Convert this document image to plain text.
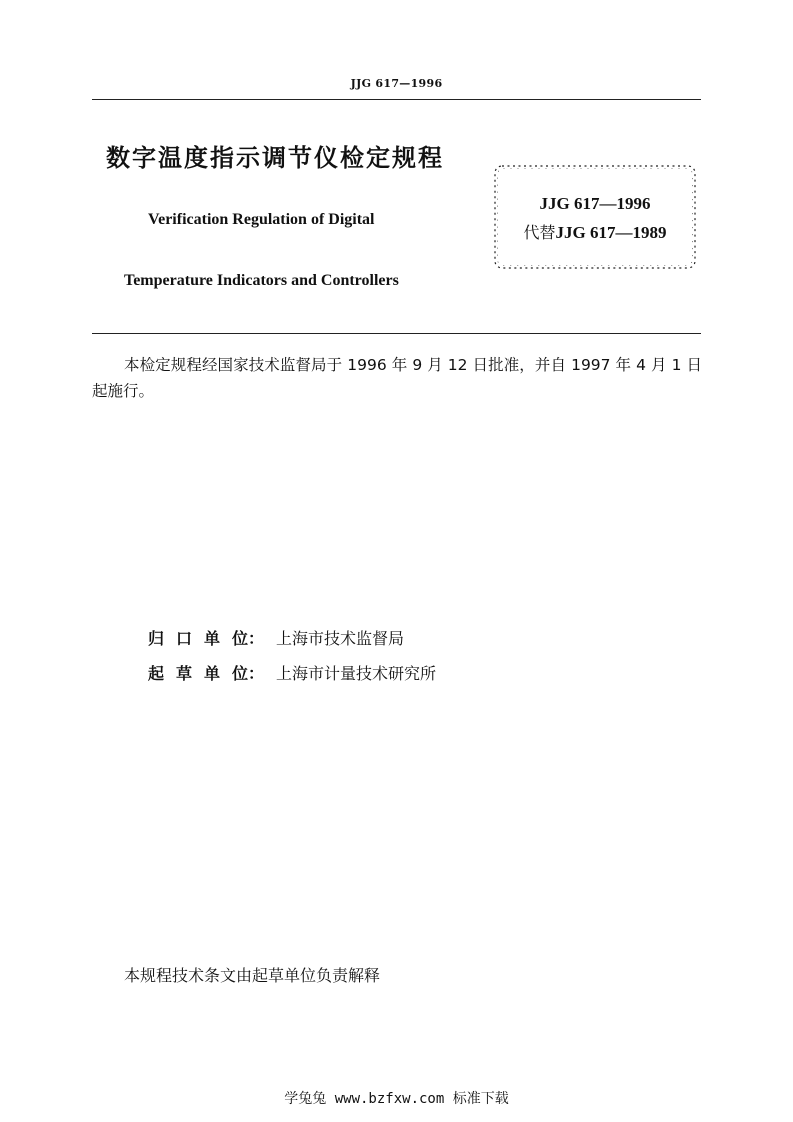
JJG 617—1996
数字温度指示调节仪检定规程
Verification Regulation of Digital
Temperature Indicators and Controllers
JJG 617—1996
代替JJG 617—1989
本检定规程经国家技术监督局于 1996 年 9 月 12 日批准，并自 1997 年 4 月 1 日起施行。
归 口 单 位： 上海市技术监督局
起 草 单 位： 上海市计量技术研究所
本规程技术条文由起草单位负责解释
学兔兔 www.bzfxw.com 标准下载
